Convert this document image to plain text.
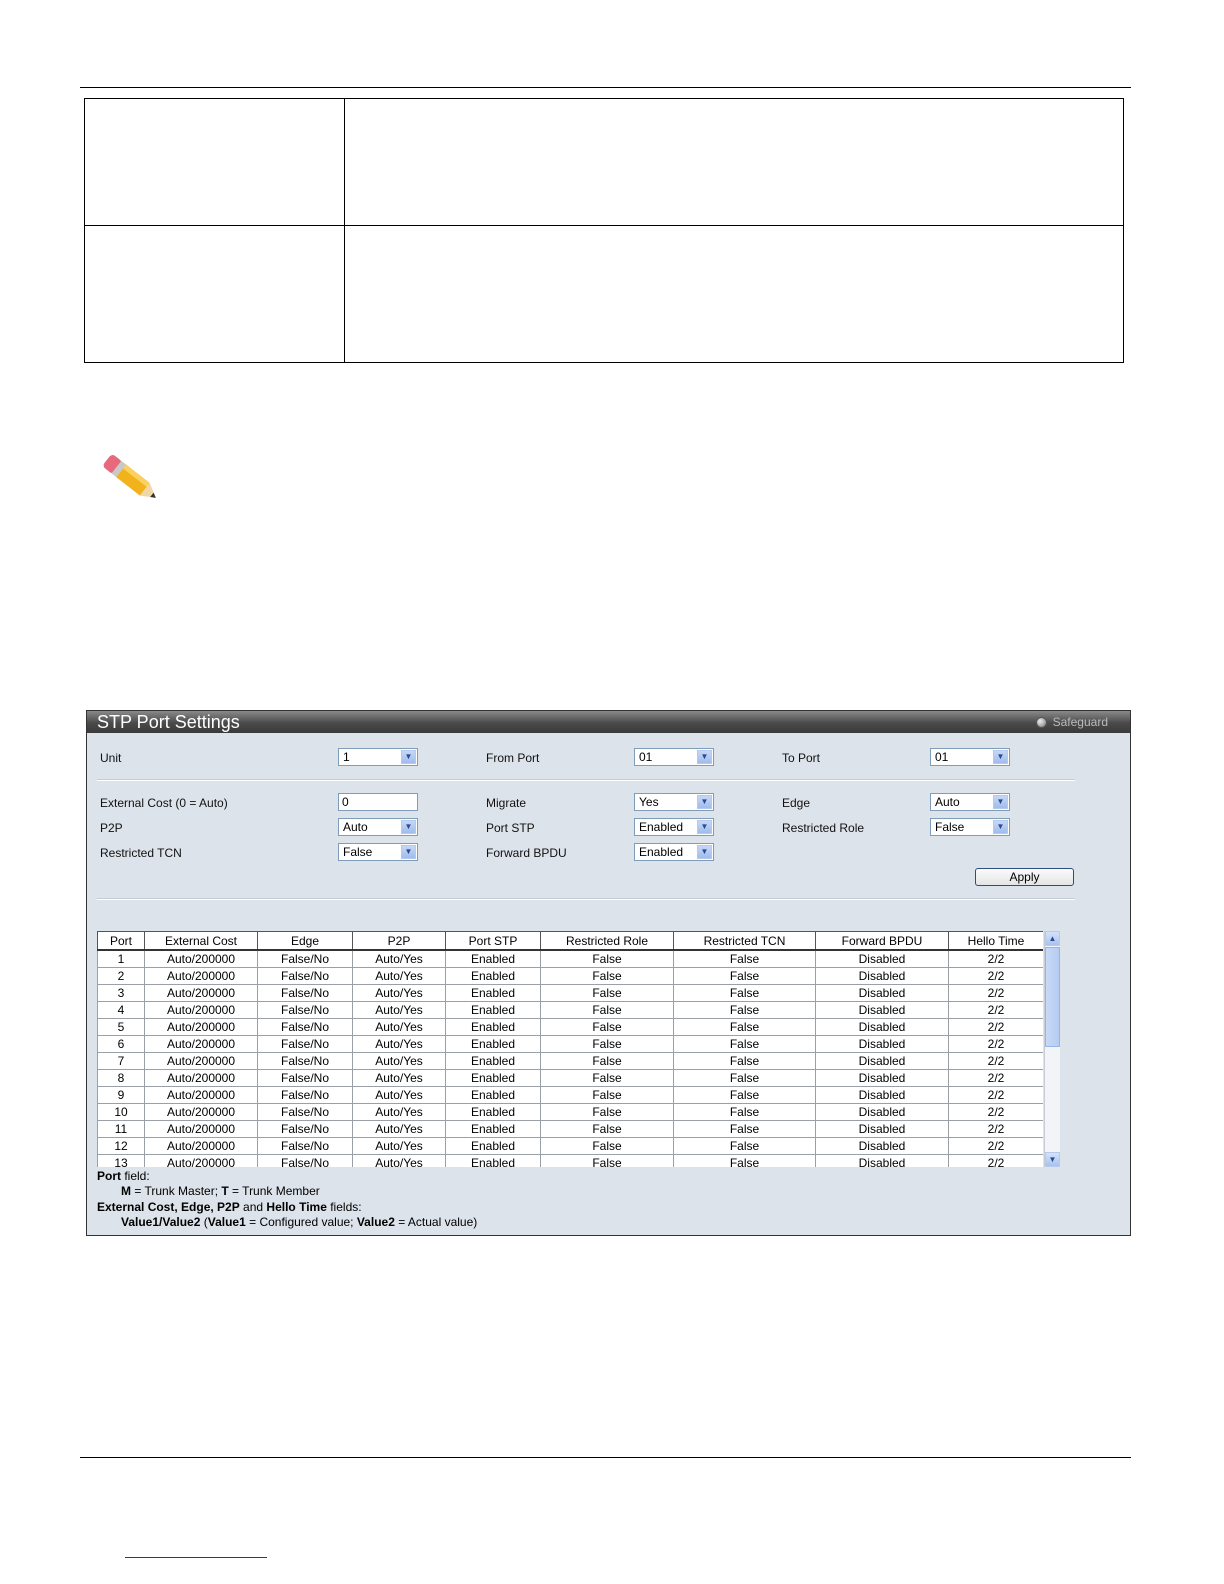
STP Port Settings	Safeguard
Unit	1	▼	From Port	01	▼	To Port	01	▼
External Cost (0 = Auto)	0	Migrate	Yes	▼	Edge	Auto	▼
P2P	Auto	▼	Port STP	Enabled	▼	Restricted Role	False	▼
Restricted TCN	False	▼	Forward BPDU	Enabled	▼
Apply
Port	External Cost	Edge	P2P	Port STP	Restricted Role	Restricted TCN	Forward BPDU	Hello Time
1	Auto/200000	False/No	Auto/Yes	Enabled	False	False	Disabled	2/2
2	Auto/200000	False/No	Auto/Yes	Enabled	False	False	Disabled	2/2
3	Auto/200000	False/No	Auto/Yes	Enabled	False	False	Disabled	2/2
4	Auto/200000	False/No	Auto/Yes	Enabled	False	False	Disabled	2/2
5	Auto/200000	False/No	Auto/Yes	Enabled	False	False	Disabled	2/2
6	Auto/200000	False/No	Auto/Yes	Enabled	False	False	Disabled	2/2
7	Auto/200000	False/No	Auto/Yes	Enabled	False	False	Disabled	2/2
8	Auto/200000	False/No	Auto/Yes	Enabled	False	False	Disabled	2/2
9	Auto/200000	False/No	Auto/Yes	Enabled	False	False	Disabled	2/2
10	Auto/200000	False/No	Auto/Yes	Enabled	False	False	Disabled	2/2
11	Auto/200000	False/No	Auto/Yes	Enabled	False	False	Disabled	2/2
12	Auto/200000	False/No	Auto/Yes	Enabled	False	False	Disabled	2/2
13	Auto/200000	False/No	Auto/Yes	Enabled	False	False	Disabled	2/2
▲
▼
Port field:
M = Trunk Master; T = Trunk Member
External Cost, Edge, P2P and Hello Time fields:
Value1/Value2 (Value1 = Configured value; Value2 = Actual value)
